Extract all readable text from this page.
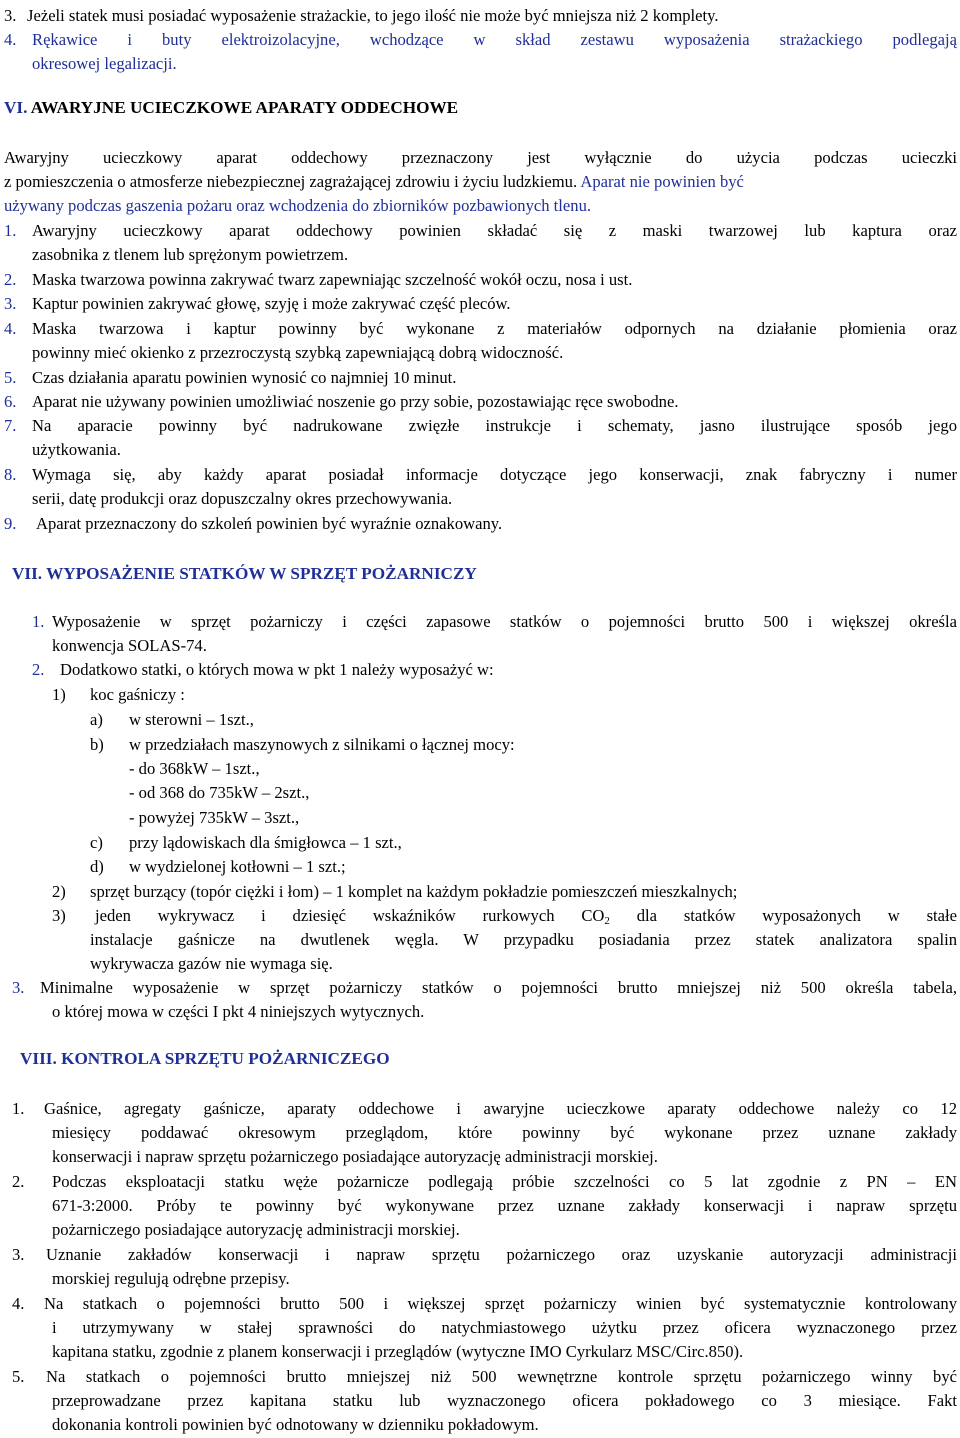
3. Jeżeli statek musi posiadać wyposażenie strażackie, to jego ilość nie może być mniejsza niż 2 komplety.
4. Rękawice i buty elektroizolacyjne, wchodzące w skład zestawu wyposażenia strażackiego podlegają
okresowej legalizacji.
VI. AWARYJNE UCIECZKOWE APARATY ODDECHOWE
Awaryjny ucieczkowy aparat oddechowy przeznaczony jest wyłącznie do użycia podczas ucieczki
z pomieszczenia o atmosferze niebezpiecznej zagrażającej zdrowiu i życiu ludzkiemu. Aparat nie powinien być
używany podczas gaszenia pożaru oraz wchodzenia do zbiorników pozbawionych tlenu.
1. Awaryjny ucieczkowy aparat oddechowy powinien składać się z maski twarzowej lub kaptura oraz
zasobnika z tlenem lub sprężonym powietrzem.
2. Maska twarzowa powinna zakrywać twarz zapewniając szczelność wokół oczu, nosa i ust.
3. Kaptur powinien zakrywać głowę, szyję i może zakrywać część pleców.
4. Maska twarzowa i kaptur powinny być wykonane z materiałów odpornych na działanie płomienia oraz
powinny mieć okienko z przezroczystą szybką zapewniającą dobrą widoczność.
5. Czas działania aparatu powinien wynosić co najmniej 10 minut.
6. Aparat nie używany powinien umożliwiać noszenie go przy sobie, pozostawiając ręce swobodne.
7. Na aparacie powinny być nadrukowane zwięzłe instrukcje i schematy, jasno ilustrujące sposób jego
użytkowania.
8. Wymaga się, aby każdy aparat posiadał informacje dotyczące jego konserwacji, znak fabryczny i numer
serii, datę produkcji oraz dopuszczalny okres przechowywania.
9. Aparat przeznaczony do szkoleń powinien być wyraźnie oznakowany.
VII. WYPOSAŻENIE STATKÓW W SPRZĘT POŻARNICZY
1. Wyposażenie w sprzęt pożarniczy i części zapasowe statków o pojemności brutto 500 i większej określa
konwencja SOLAS-74.
2. Dodatkowo statki, o których mowa w pkt 1 należy wyposażyć w:
1) koc gaśniczy :
a) w sterowni – 1szt.,
b) w przedziałach maszynowych z silnikami o łącznej mocy:
- do 368kW – 1szt.,
- od 368 do 735kW – 2szt.,
- powyżej 735kW – 3szt.,
c) przy lądowiskach dla śmigłowca – 1 szt.,
d) w wydzielonej kotłowni – 1 szt.;
2) sprzęt burzący (topór ciężki i łom) – 1 komplet na każdym pokładzie pomieszczeń mieszkalnych;
3) jeden wykrywacz i dziesięć wskaźników rurkowych $CO_2$ dla statków wyposażonych w stałe
instalacje gaśnicze na dwutlenek węgla. W przypadku posiadania przez statek analizatora spalin
wykrywacza gazów nie wymaga się.
3. Minimalne wyposażenie w sprzęt pożarniczy statków o pojemności brutto mniejszej niż 500 określa tabela,
o której mowa w części I pkt 4 niniejszych wytycznych.
VIII. KONTROLA SPRZĘTU POŻARNICZEGO
1. Gaśnice, agregaty gaśnicze, aparaty oddechowe i awaryjne ucieczkowe aparaty oddechowe należy co 12
miesięcy poddawać okresowym przeglądom, które powinny być wykonane przez uznane zakłady
konserwacji i napraw sprzętu pożarniczego posiadające autoryzację administracji morskiej.
2. Podczas eksploatacji statku węże pożarnicze podlegają próbie szczelności co 5 lat zgodnie z PN – EN
671-3:2000. Próby te powinny być wykonywane przez uznane zakłady konserwacji i napraw sprzętu
pożarniczego posiadające autoryzację administracji morskiej.
3. Uznanie zakładów konserwacji i napraw sprzętu pożarniczego oraz uzyskanie autoryzacji administracji
morskiej regulują odrębne przepisy.
4. Na statkach o pojemności brutto 500 i większej sprzęt pożarniczy winien być systematycznie kontrolowany
i utrzymywany w stałej sprawności do natychmiastowego użytku przez oficera wyznaczonego przez
kapitana statku, zgodnie z planem konserwacji i przeglądów (wytyczne IMO Cyrkularz MSC/Circ.850).
5. Na statkach o pojemności brutto mniejszej niż 500 wewnętrzne kontrole sprzętu pożarniczego winny być
przeprowadzane przez kapitana statku lub wyznaczonego oficera pokładowego co 3 miesiące. Fakt
dokonania kontroli powinien być odnotowany w dzienniku pokładowym.
